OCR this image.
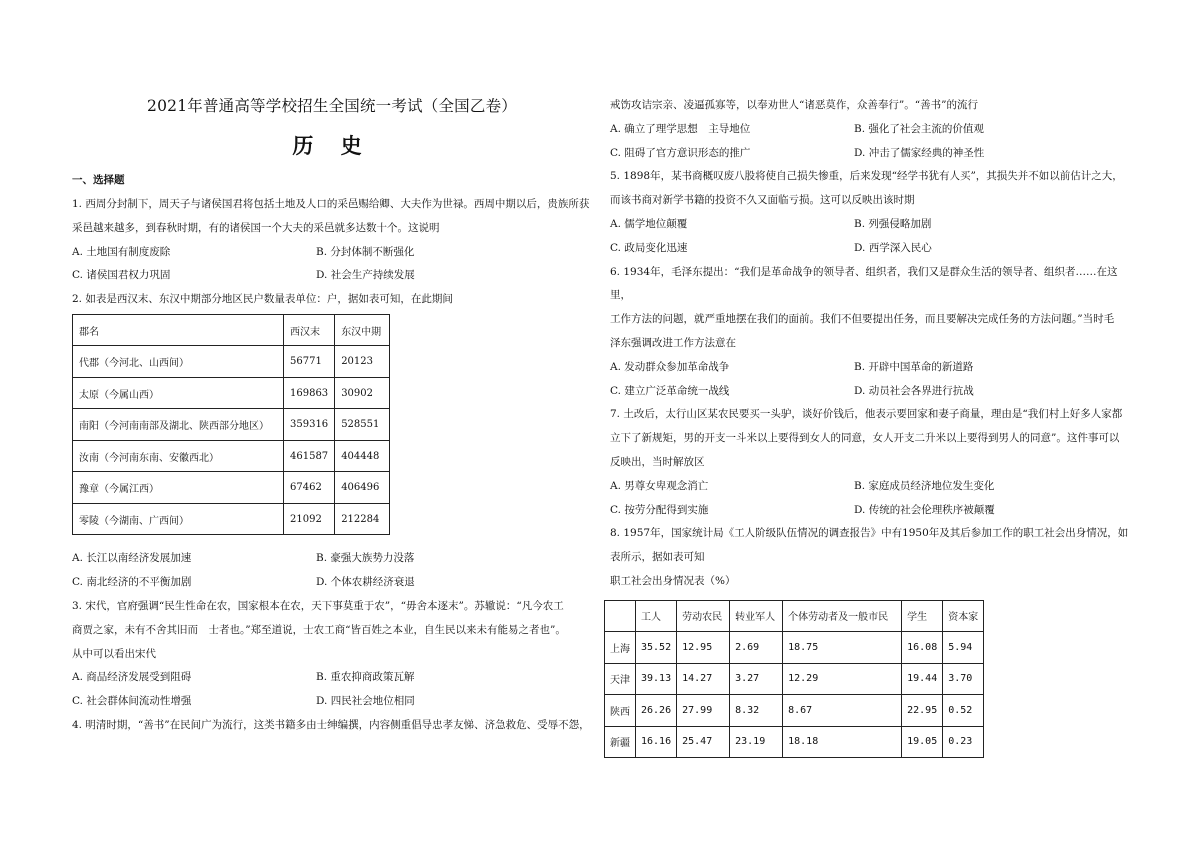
2021年普通高等学校招生全国统一考试（全国乙卷）
历 史
一、选择题

1. 西周分封制下，周天子与诸侯国君将包括土地及人口的采邑赐给卿、大夫作为世禄。西周中期以后，贵族所获

采邑越来越多，到春秋时期，有的诸侯国一个大夫的采邑就多达数十个。这说明

A. 土地国有制度废除	B. 分封体制不断强化
C. 诸侯国君权力巩固	D. 社会生产持续发展

2. 如表是西汉末、东汉中期部分地区民户数量表单位：户，据如表可知，在此期间

郡名	西汉末	东汉中期
代郡（今河北、山西间）	56771	20123
太原（今属山西）	169863	30902
南阳（今河南南部及湖北、陕西部分地区）	359316	528551
汝南（今河南东南、安徽西北）	461587	404448
豫章（今属江西）	67462	406496
零陵（今湖南、广西间）	21092	212284
A. 长江以南经济发展加速	B. 豪强大族势力没落
C. 南北经济的不平衡加剧	D. 个体农耕经济衰退

3. 宋代，官府强调“民生性命在农，国家根本在农，天下事莫重于农”，“毋舍本逐末”。苏辙说：“凡今农工

商贾之家，未有不舍其旧而　士者也。”郑至道说，士农工商“皆百姓之本业，自生民以来未有能易之者也”。

从中可以看出宋代

A. 商品经济发展受到阻碍	B. 重农抑商政策瓦解
C. 社会群体间流动性增强	D. 四民社会地位相同

4. 明清时期，“善书”在民间广为流行，这类书籍多由士绅编撰，内容侧重倡导忠孝友悌、济急救危、受辱不怨，

戒饬攻诘宗亲、凌逼孤寡等，以奉劝世人“诸恶莫作，众善奉行”。“善书”的流行

A. 确立了理学思想　主导地位	B. 强化了社会主流的价值观
C. 阻碍了官方意识形态的推广	D. 冲击了儒家经典的神圣性

5. 1898年，某书商概叹废八股将使自己损失惨重，后来发现“经学书犹有人买”，其损失并不如以前估计之大，

而该书商对新学书籍的投资不久又面临亏损。这可以反映出该时期

A. 儒学地位颠覆	B. 列强侵略加剧
C. 政局变化迅速	D. 西学深入民心

6. 1934年，毛泽东提出：“我们是革命战争的领导者、组织者，我们又是群众生活的领导者、组织者……在这里，

工作方法的问题，就严重地摆在我们的面前。我们不但要提出任务，而且要解决完成任务的方法问题。”当时毛

泽东强调改进工作方法意在

A. 发动群众参加革命战争	B. 开辟中国革命的新道路
C. 建立广泛革命统一战线	D. 动员社会各界进行抗战

7. 土改后，太行山区某农民要买一头驴，谈好价钱后，他表示要回家和妻子商量，理由是“我们村上好多人家都

立下了新规矩，男的开支一斗米以上要得到女人的同意，女人开支二升米以上要得到男人的同意”。这件事可以

反映出，当时解放区

A. 男尊女卑观念消亡	B. 家庭成员经济地位发生变化
C. 按劳分配得到实施	D. 传统的社会伦理秩序被颠覆

8. 1957年，国家统计局《工人阶级队伍情况的调查报告》中有1950年及其后参加工作的职工社会出身情况，如

表所示，据如表可知

职工社会出身情况表（%）

	工人	劳动农民	转业军人	个体劳动者及一般市民	学生	资本家
上海	35.52	12.95	2.69	18.75	16.08	5.94
天津	39.13	14.27	3.27	12.29	19.44	3.70
陕西	26.26	27.99	8.32	8.67	22.95	0.52
新疆	16.16	25.47	23.19	18.18	19.05	0.23
